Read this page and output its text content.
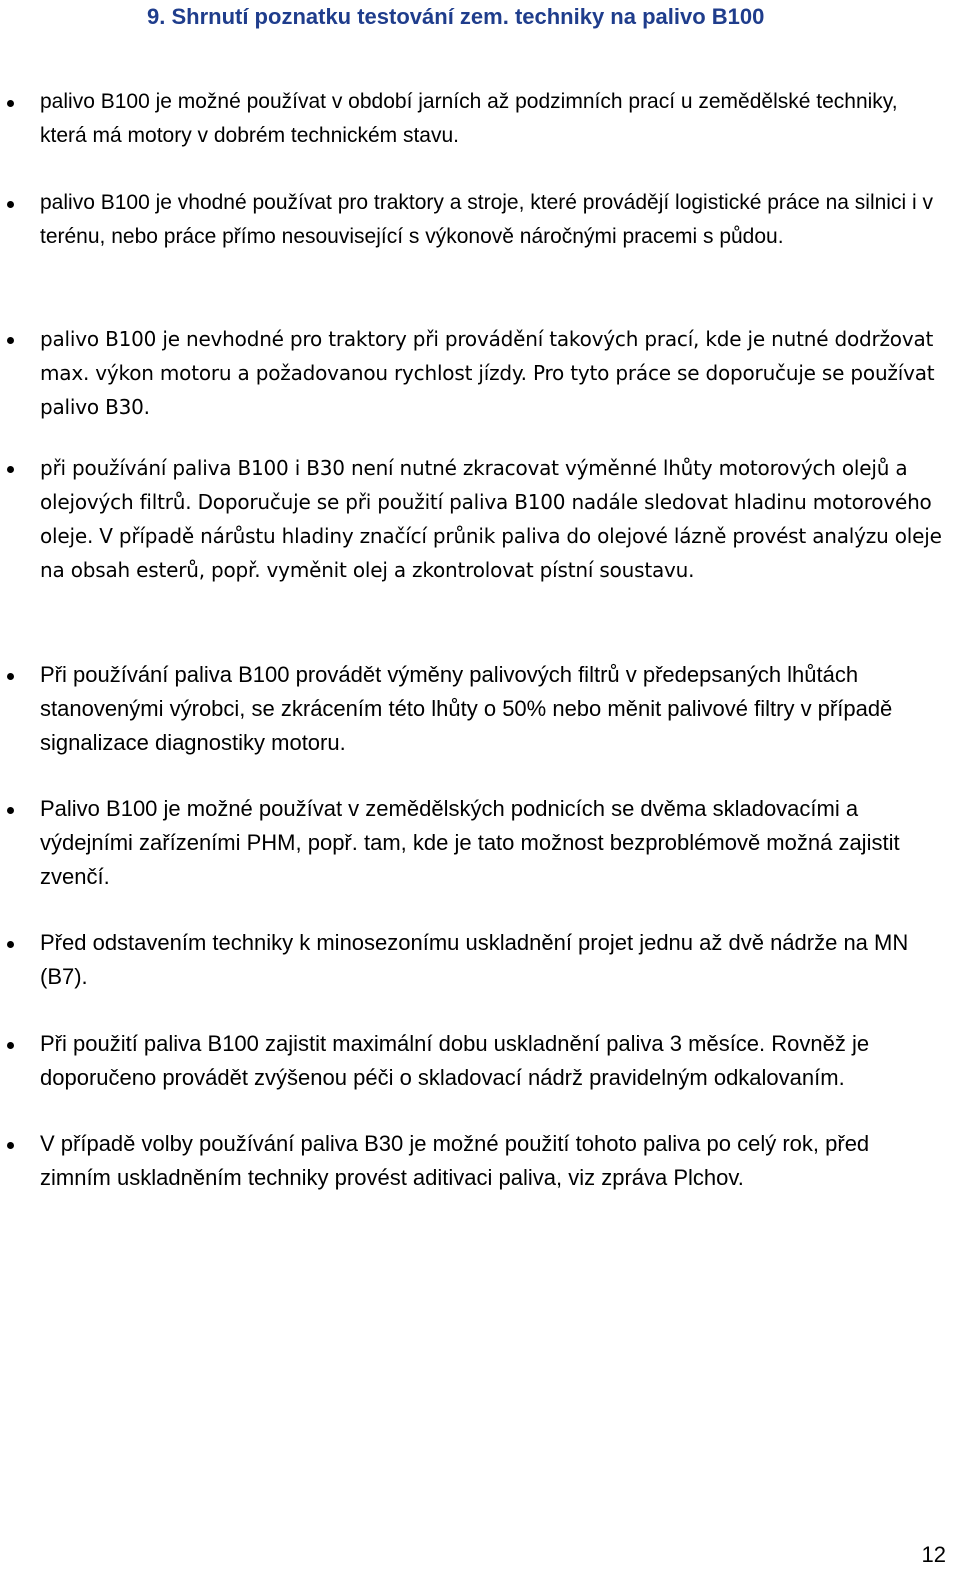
9. Shrnutí poznatku testování zem. techniky na palivo B100
palivo B100 je možné používat v období jarních až podzimních prací u zemědělské techniky, která má motory v dobrém technickém stavu.
palivo B100 je vhodné používat pro traktory a stroje, které provádějí logistické práce na silnici i v terénu, nebo práce přímo nesouvisející s výkonově náročnými pracemi s půdou.
palivo B100 je nevhodné pro traktory při provádění takových prací, kde je nutné dodržovat max. výkon motoru a požadovanou rychlost jízdy. Pro tyto práce se doporučuje se používat palivo B30.
při používání paliva B100 i B30 není nutné zkracovat výměnné lhůty motorových olejů a olejových filtrů. Doporučuje se při použití paliva B100 nadále sledovat hladinu motorového oleje. V případě nárůstu hladiny značící průnik paliva do olejové lázně provést analýzu oleje na obsah esterů, popř. vyměnit olej a zkontrolovat pístní soustavu.
Při používání paliva B100 provádět výměny palivových filtrů v předepsaných lhůtách stanovenými výrobci, se zkrácením této lhůty o 50% nebo měnit palivové filtry v případě signalizace diagnostiky motoru.
Palivo B100 je možné používat v zemědělských podnicích se dvěma skladovacími a výdejními zařízeními PHM, popř. tam, kde je tato možnost bezproblémově možná zajistit zvenčí.
Před odstavením techniky k minosezonímu uskladnění projet jednu až dvě nádrže na MN (B7).
Při použití paliva B100 zajistit maximální dobu uskladnění paliva 3 měsíce. Rovněž je doporučeno provádět zvýšenou péči o skladovací nádrž pravidelným odkalovaním.
V případě volby používání paliva B30 je možné použití tohoto paliva po celý rok, před zimním uskladněním techniky provést aditivaci paliva, viz zpráva Plchov.
12
